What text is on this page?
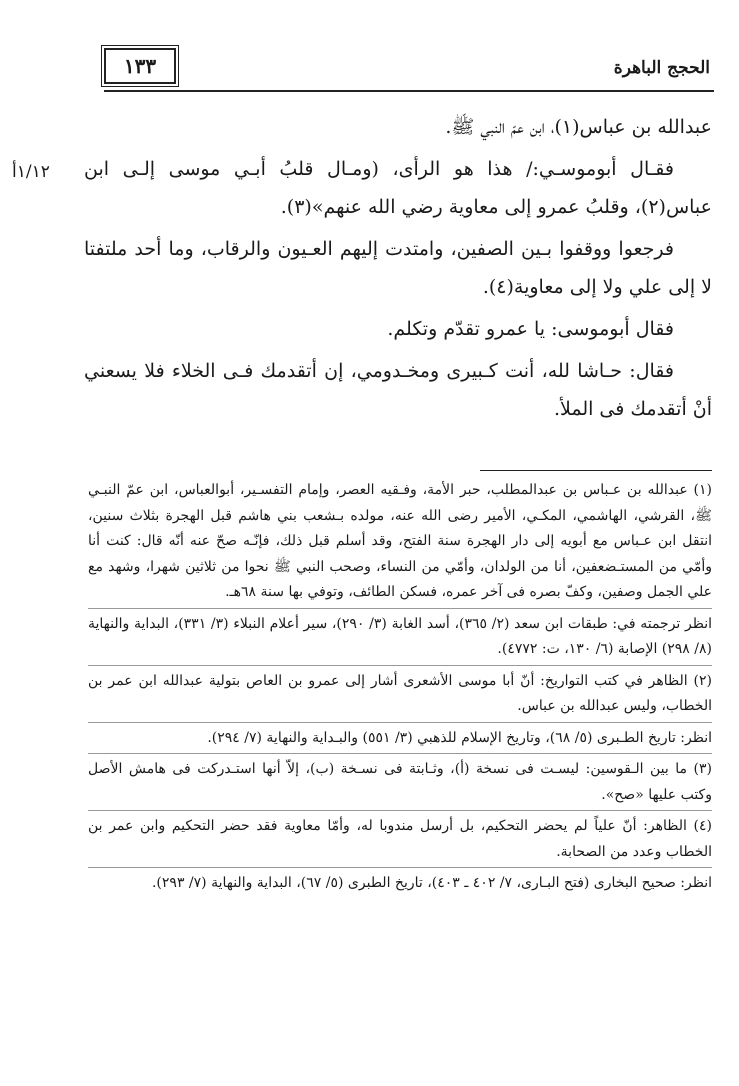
١٣٣	الحجج الباهرة
١/١٢أ

عبدالله بن عباس(١)، ابن عمّ النبي ﷺ.

فقـال أبوموسـي:/ هذا هو الرأى، (ومـال قلبُ أبـي موسى إلـى ابن عباس(٢)، وقلبُ عمرو إلى معاوية رضي الله عنهم»(٣).

فرجعوا ووقفوا بـين الصفين، وامتدت إليهم العـيون والرقاب، وما أحد ملتفتا لا إلى علي ولا إلى معاوية(٤).

فقال أبوموسى: يا عمرو تقدّم وتكلم.

فقال: حـاشا لله، أنت كـبيرى ومخـدومي، إن أتقدمك فـى الخلاء فلا يسعني أنْ أتقدمك فى الملأ.

(١) عبدالله بن عـباس بن عبدالمطلب، حبر الأمة، وفـقيه العصر، وإمام التفسـير، أبوالعباس، ابن عمّ النبـي ﷺ، القرشي، الهاشمي، المكـي، الأمير رضى الله عنه، مولده بـشعب بني هاشم قبل الهجرة بثلاث سنين، انتقل ابن عـباس مع أبويه إلى دار الهجرة سنة الفتح، وقد أسلم قبل ذلك، فإنّـه صحّ عنه أنّه قال: كنت أنا وأمّي من المستـضعفين، أنا من الولدان، وأمّي من النساء، وصحب النبي ﷺ نحوا من ثلاثين شهرا، وشهد مع علي الجمل وصفين، وكفّ بصره فى آخر عمره، فسكن الطائف، وتوفي بها سنة ٦٨هـ.

انظر ترجمته في: طبقات ابن سعد (٢/ ٣٦٥)، أسد الغابة (٣/ ٢٩٠)، سير أعلام النبلاء (٣/ ٣٣١)، البداية والنهاية (٨/ ٢٩٨) الإصابة (٦/ ١٣٠، ت: ٤٧٧٢).

(٢) الظاهر في كتب التواريخ: أنّ أبا موسى الأشعرى أشار إلى عمرو بن العاص بتولية عبدالله ابن عمر بن الخطاب، وليس عبدالله بن عباس.

انظر: تاريخ الطـبرى (٥/ ٦٨)، وتاريخ الإسلام للذهبي (٣/ ٥٥١) والبـداية والنهاية (٧/ ٢٩٤).

(٣) ما بين الـقوسين: ليسـت فى نسخة (أ)، وثـابتة فى نسـخة (ب)، إلاّ أنها استـدركت فى هامش الأصل وكتب عليها «صح».

(٤) الظاهر: أنّ علياً لم يحضر التحكيم، بل أرسل مندوبا له، وأمّا معاوية فقد حضر التحكيم وابن عمر بن الخطاب وعدد من الصحابة.

انظر: صحيح البخارى (فتح البـارى، ٧/ ٤٠٢ ـ ٤٠٣)، تاريخ الطبرى (٥/ ٦٧)، البداية والنهاية (٧/ ٢٩٣).
